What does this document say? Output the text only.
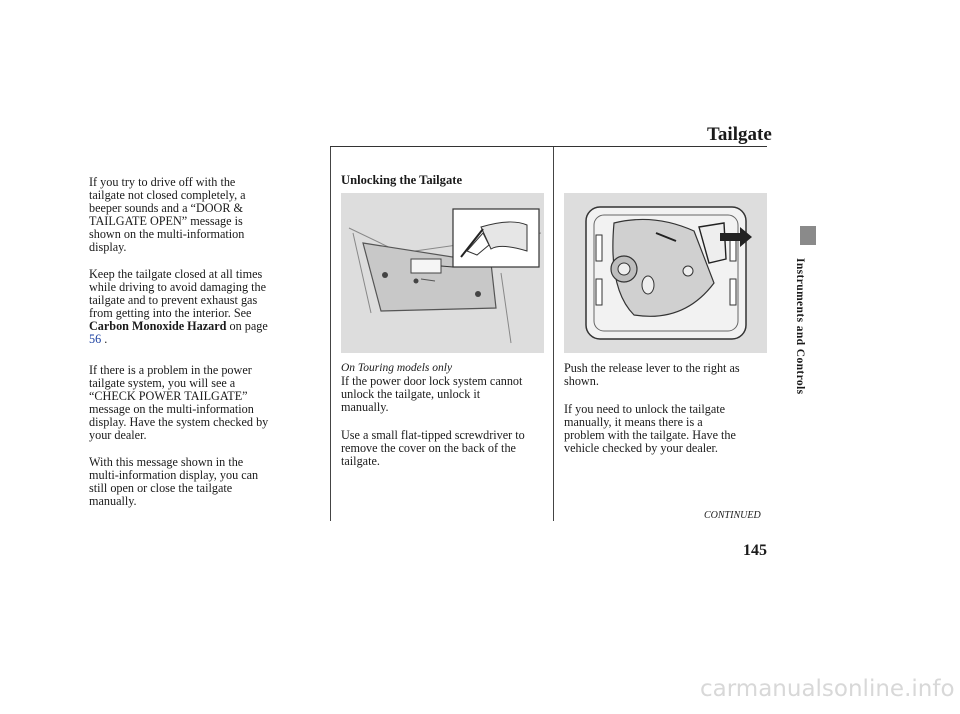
Tailgate
Instruments and Controls
If you try to drive off with the
tailgate not closed completely, a
beeper sounds and a “DOOR &
TAILGATE OPEN” message is
shown on the multi-information
display.
Keep the tailgate closed at all times
while driving to avoid damaging the
tailgate and to prevent exhaust gas
from getting into the interior. See
Carbon Monoxide Hazard on page
56 .
If there is a problem in the power
tailgate system, you will see a
“CHECK POWER TAILGATE”
message on the multi-information
display. Have the system checked by
your dealer.
With this message shown in the
multi-information display, you can
still open or close the tailgate
manually.
Unlocking the Tailgate
On Touring models only
If the power door lock system cannot
unlock the tailgate, unlock it
manually.
Use a small flat-tipped screwdriver to
remove the cover on the back of the
tailgate.
Push the release lever to the right as
shown.
If you need to unlock the tailgate
manually, it means there is a
problem with the tailgate. Have the
vehicle checked by your dealer.
CONTINUED
145
carmanualsonline.info
